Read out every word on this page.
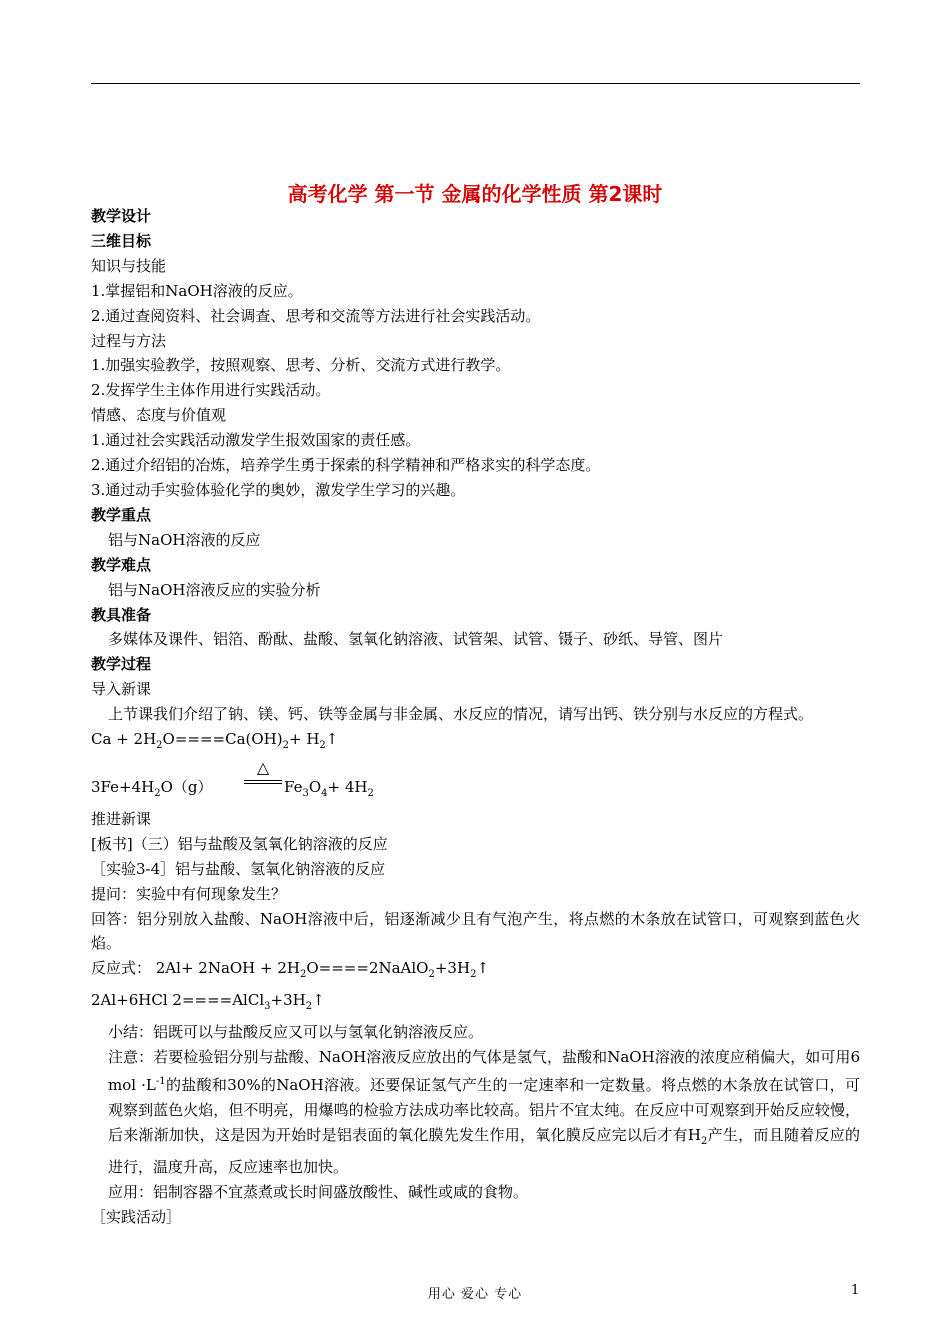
高考化学 第一节 金属的化学性质 第2课时
教学设计
三维目标
知识与技能
1.掌握铝和NaOH溶液的反应。
2.通过查阅资料、社会调查、思考和交流等方法进行社会实践活动。
过程与方法
1.加强实验教学，按照观察、思考、分析、交流方式进行教学。
2.发挥学生主体作用进行实践活动。
情感、态度与价值观
1.通过社会实践活动激发学生报效国家的责任感。
2.通过介绍铝的冶炼，培养学生勇于探索的科学精神和严格求实的科学态度。
3.通过动手实验体验化学的奥妙，激发学生学习的兴趣。
教学重点
铝与NaOH溶液的反应
教学难点
铝与NaOH溶液反应的实验分析
教具准备
多媒体及课件、铝箔、酚酞、盐酸、氢氧化钠溶液、试管架、试管、镊子、砂纸、导管、图片
教学过程
导入新课
上节课我们介绍了钠、镁、钙、铁等金属与非金属、水反应的情况，请写出钙、铁分别与水反应的方程式。
$Ca + 2H_2O====Ca(OH)_2+$ $H_2↑$
$3Fe+4H_2O(g)$
△
$Fe_3O_4+ 4H_2$
推进新课
[板书]（三）铝与盐酸及氢氧化钠溶液的反应
［实验3-4］铝与盐酸、氢氧化钠溶液的反应
提问：实验中有何现象发生？
回答：铝分别放入盐酸、NaOH溶液中后，铝逐渐减少且有气泡产生，将点燃的木条放在试管口，可观察到蓝色火焰。
反应式： 2Al+ 2NaOH + $2H_2O====2NaAlO_2+3H_2↑$
2Al+6HCl $2====AlCl_3+3H_2↑$
小结：铝既可以与盐酸反应又可以与氢氧化钠溶液反应。
注意：若要检验铝分别与盐酸、NaOH溶液反应放出的气体是氢气，盐酸和NaOH溶液的浓度应稍偏大，如可用6 mol $\cdot L^{-1}$的盐酸和30%的NaOH溶液。还要保证氢气产生的一定速率和一定数量。将点燃的木条放在试管口，可观察到蓝色火焰，但不明亮，用爆鸣的检验方法成功率比较高。铝片不宜太纯。在反应中可观察到开始反应较慢，后来渐渐加快，这是因为开始时是铝表面的氧化膜先发生作用，氧化膜反应完以后才有$H_2$产生，而且随着反应的进行，温度升高，反应速率也加快。
应用：铝制容器不宜蒸煮或长时间盛放酸性、碱性或咸的食物。
［实践活动］
用心 爱心 专心	1
